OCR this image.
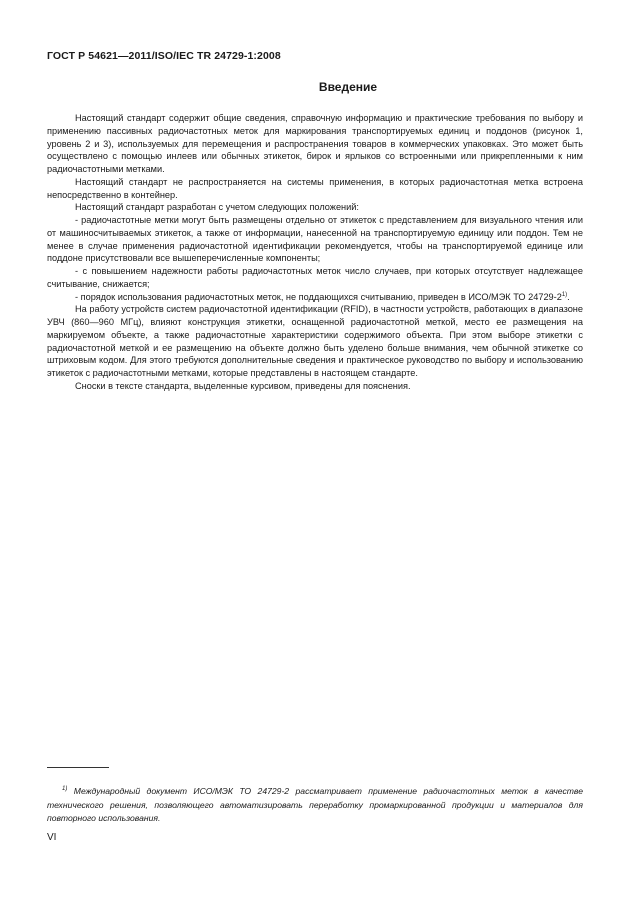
ГОСТ Р 54621—2011/ISO/IEC TR 24729-1:2008
Введение

Настоящий стандарт содержит общие сведения, справочную информацию и практические требования по выбору и применению пассивных радиочастотных меток для маркирования транспортируемых единиц и поддонов (рисунок 1, уровень 2 и 3), используемых для перемещения и распространения товаров в коммерческих упаковках. Это может быть осуществлено с помощью инлеев или обычных этикеток, бирок и ярлыков со встроенными или прикрепленными к ним радиочастотными метками.

Настоящий стандарт не распространяется на системы применения, в которых радиочастотная метка встроена непосредственно в контейнер.

Настоящий стандарт разработан с учетом следующих положений:

- радиочастотные метки могут быть размещены отдельно от этикеток с представлением для визуального чтения или от машиносчитываемых этикеток, а также от информации, нанесенной на транспортируемую единицу или поддон. Тем не менее в случае применения радиочастотной идентификации рекомендуется, чтобы на транспортируемой единице или поддоне присутствовали все вышеперечисленные компоненты;

- с повышением надежности работы радиочастотных меток число случаев, при которых отсутствует надлежащее считывание, снижается;

- порядок использования радиочастотных меток, не поддающихся считыванию, приведен в ИСО/МЭК ТО 24729-2$^{1)}$.

На работу устройств систем радиочастотной идентификации (RFID), в частности устройств, работающих в диапазоне УВЧ (860—960 МГц), влияют конструкция этикетки, оснащенной радиочастотной меткой, место ее размещения на маркируемом объекте, а также радиочастотные характеристики содержимого объекта. При этом выборе этикетки с радиочастотной меткой и ее размещению на объекте должно быть уделено больше внимания, чем обычной этикетке со штриховым кодом. Для этого требуются дополнительные сведения и практическое руководство по выбору и использованию этикеток с радиочастотными метками, которые представлены в настоящем стандарте.

Сноски в тексте стандарта, выделенные курсивом, приведены для пояснения.

$^{1)}$ Международный документ ИСО/МЭК ТО 24729-2 рассматривает применение радиочастотных меток в качестве технического решения, позволяющего автоматизировать переработку промаркированной продукции и материалов для повторного использования.
VI
